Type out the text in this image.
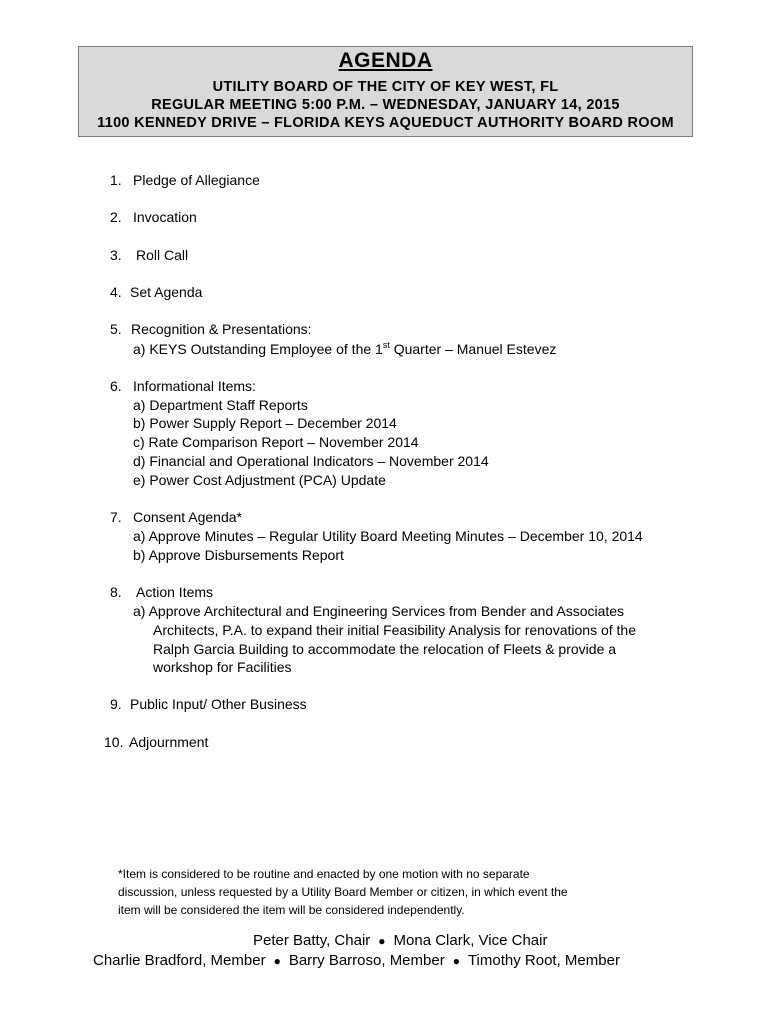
AGENDA
UTILITY BOARD OF THE CITY OF KEY WEST, FL
REGULAR MEETING 5:00 P.M. – WEDNESDAY, JANUARY 14, 2015
1100 KENNEDY DRIVE – FLORIDA KEYS AQUEDUCT AUTHORITY BOARD ROOM
1. Pledge of Allegiance
2. Invocation
3. Roll Call
4. Set Agenda
5. Recognition & Presentations:
a) KEYS Outstanding Employee of the 1st Quarter – Manuel Estevez
6. Informational Items:
a) Department Staff Reports
b) Power Supply Report – December 2014
c) Rate Comparison Report – November 2014
d) Financial and Operational Indicators – November 2014
e) Power Cost Adjustment (PCA) Update
7. Consent Agenda*
a) Approve Minutes – Regular Utility Board Meeting Minutes – December 10, 2014
b) Approve Disbursements Report
8. Action Items
a) Approve Architectural and Engineering Services from Bender and Associates
Architects, P.A. to expand their initial Feasibility Analysis for renovations of the
Ralph Garcia Building to accommodate the relocation of Fleets & provide a
workshop for Facilities
9. Public Input/ Other Business
10. Adjournment
*Item is considered to be routine and enacted by one motion with no separate
discussion, unless requested by a Utility Board Member or citizen, in which event the
item will be considered the item will be considered independently.
Peter Batty, Chair ● Mona Clark, Vice Chair
Charlie Bradford, Member ● Barry Barroso, Member ● Timothy Root, Member
